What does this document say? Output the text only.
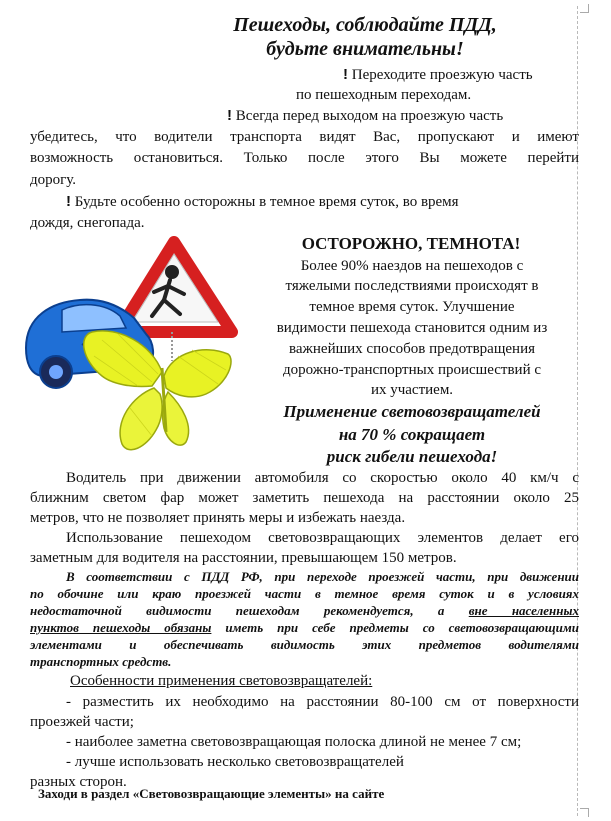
Пешеходы, соблюдайте ПДД,
будьте внимательны!
! Переходите проезжую часть
по пешеходным переходам.
! Всегда перед выходом на проезжую часть
убедитесь, что водители транспорта видят Вас, пропускают и имеют
возможность остановиться. Только после этого Вы можете перейти
дорогу.
! Будьте особенно осторожны в темное время суток, во время
дождя, снегопада.
ОСТОРОЖНО, ТЕМНОТА!
Более 90% наездов на пешеходов с
тяжелыми последствиями происходят в
темное время суток. Улучшение
видимости пешехода становится одним из
важнейших способов предотвращения
дорожно-транспортных происшествий с
их участием.
Применение световозвращателей
на 70 % сокращает
риск гибели пешехода!
Водитель при движении автомобиля со скоростью около 40 км/ч с
ближним светом фар может заметить пешехода на расстоянии около 25
метров, что не позволяет принять меры и избежать наезда.
Использование пешеходом световозвращающих элементов делает его
заметным для водителя на расстоянии, превышающем 150 метров.
В соответствии с ПДД РФ, при переходе проезжей части, при движении
по обочине или краю проезжей части в темное время суток и в условиях
недостаточной видимости пешеходам рекомендуется, а вне населенных
пунктов пешеходы обязаны иметь при себе предметы со световозвращающими
элементами и обеспечивать видимость этих предметов водителями
транспортных средств.
Особенности применения световозвращателей:
- разместить их необходимо на расстоянии 80-100 см от поверхности
проезжей части;
- наиболее заметна световозвращающая полоска длиной не менее 7 см;
- лучше использовать несколько световозвращателей
разных сторон.
Заходи в раздел «Световозвращающие элементы» на сайте
